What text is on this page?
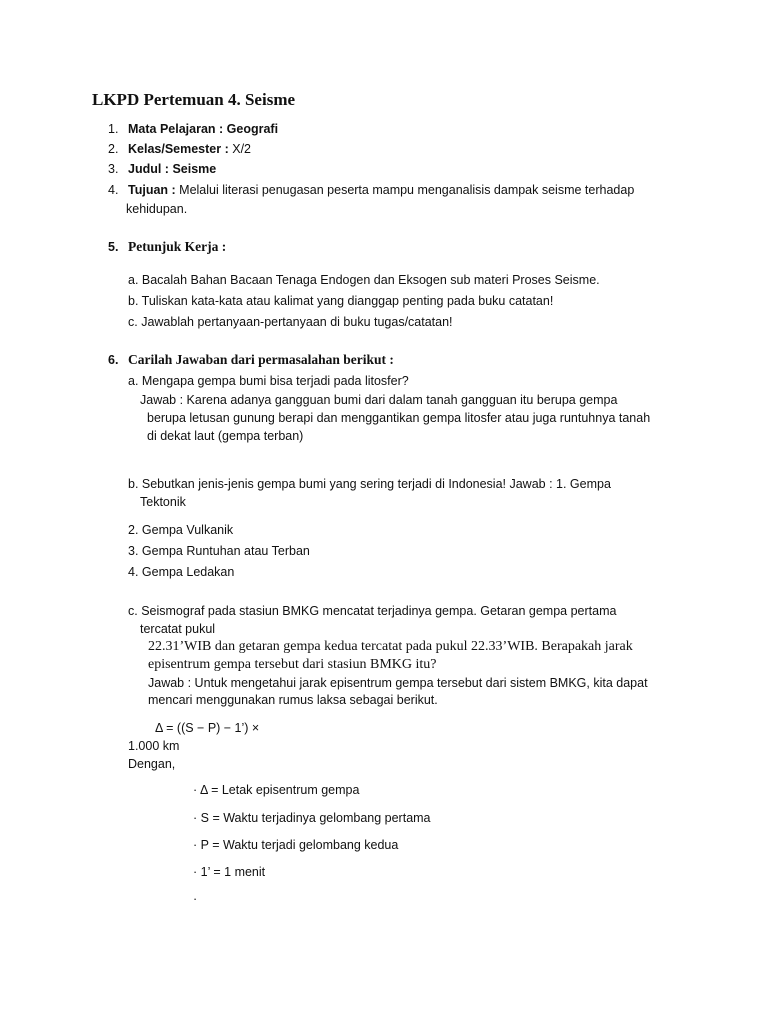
LKPD Pertemuan 4. Seisme
1. Mata Pelajaran : Geografi
2. Kelas/Semester : X/2
3. Judul : Seisme
4. Tujuan : Melalui literasi penugasan peserta mampu menganalisis dampak seisme terhadap
kehidupan.
5. Petunjuk Kerja :
a. Bacalah Bahan Bacaan Tenaga Endogen dan Eksogen sub materi Proses Seisme.
b. Tuliskan kata-kata atau kalimat yang dianggap penting pada buku catatan!
c. Jawablah pertanyaan-pertanyaan di buku tugas/catatan!
6. Carilah Jawaban dari permasalahan berikut :
a. Mengapa gempa bumi bisa terjadi pada litosfer?
Jawab : Karena adanya gangguan bumi dari dalam tanah gangguan itu berupa gempa
berupa letusan gunung berapi dan menggantikan gempa litosfer atau juga runtuhnya tanah
di dekat laut (gempa terban)
b. Sebutkan jenis-jenis gempa bumi yang sering terjadi di Indonesia! Jawab : 1. Gempa
Tektonik
2. Gempa Vulkanik
3. Gempa Runtuhan atau Terban
4. Gempa Ledakan
c. Seismograf pada stasiun BMKG mencatat terjadinya gempa. Getaran gempa pertama
tercatat pukul
22.31’WIB dan getaran gempa kedua tercatat pada pukul 22.33’WIB. Berapakah jarak
episentrum gempa tersebut dari stasiun BMKG itu?
Jawab : Untuk mengetahui jarak episentrum gempa tersebut dari sistem BMKG, kita dapat
mencari menggunakan rumus laksa sebagai berikut.
Δ = ((S − P) − 1’) ×
1.000 km
Dengan,
· Δ = Letak episentrum gempa
· S = Waktu terjadinya gelombang pertama
· P = Waktu terjadi gelombang kedua
· 1’ = 1 menit
·
